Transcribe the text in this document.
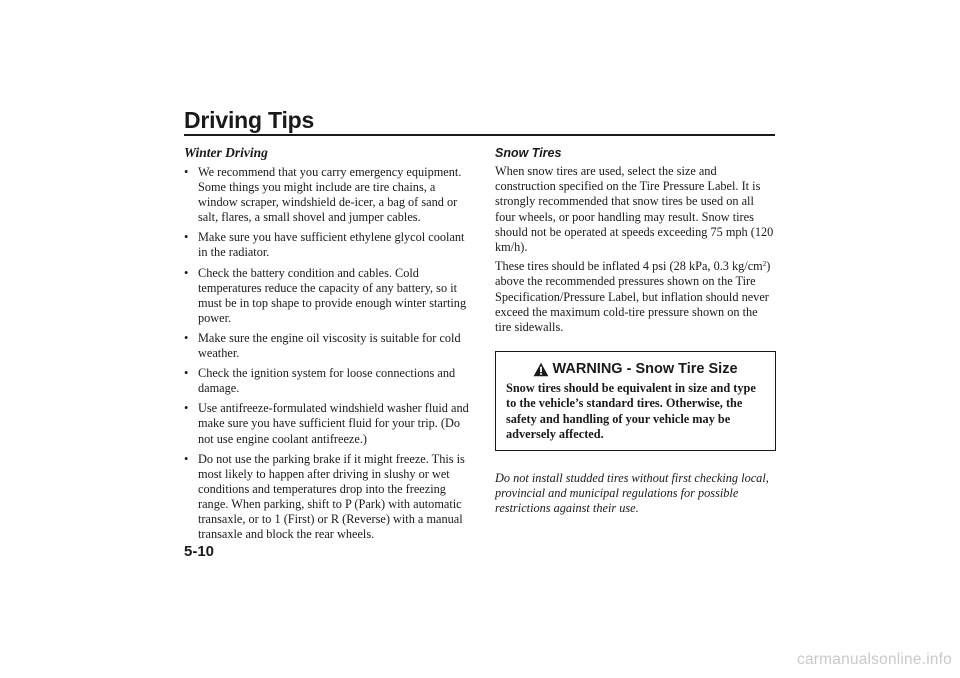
Driving Tips
Winter Driving
• We recommend that you carry emergency equipment. Some things you might include are tire chains, a window scraper, windshield de-icer, a bag of sand or salt, flares, a small shovel and jumper cables.
• Make sure you have sufficient ethylene glycol coolant in the radiator.
• Check the battery condition and cables. Cold temperatures reduce the capacity of any battery, so it must be in top shape to provide enough winter starting power.
• Make sure the engine oil viscosity is suitable for cold weather.
• Check the ignition system for loose connections and damage.
• Use antifreeze-formulated windshield washer fluid and make sure you have sufficient fluid for your trip. (Do not use engine coolant antifreeze.)
• Do not use the parking brake if it might freeze. This is most likely to happen after driving in slushy or wet conditions and temperatures drop into the freezing range. When parking, shift to P (Park) with automatic transaxle, or to 1 (First) or R (Reverse) with a manual transaxle and block the rear wheels.
Snow Tires

When snow tires are used, select the size and construction specified on the Tire Pressure Label. It is strongly recommended that snow tires be used on all four wheels, or poor handling may result. Snow tires should not be operated at speeds exceeding 75 mph (120 km/h).

These tires should be inflated 4 psi (28 kPa, 0.3 $kg/cm^2$) above the recommended pressures shown on the Tire Specification/Pressure Label, but inflation should never exceed the maximum cold-tire pressure shown on the tire sidewalls.

WARNING - Snow Tire Size

Snow tires should be equivalent in size and type to the vehicle’s standard tires. Otherwise, the safety and handling of your vehicle may be adversely affected.

Do not install studded tires without first checking local, provincial and municipal regulations for possible restrictions against their use.

5-10
carmanualsonline.info
